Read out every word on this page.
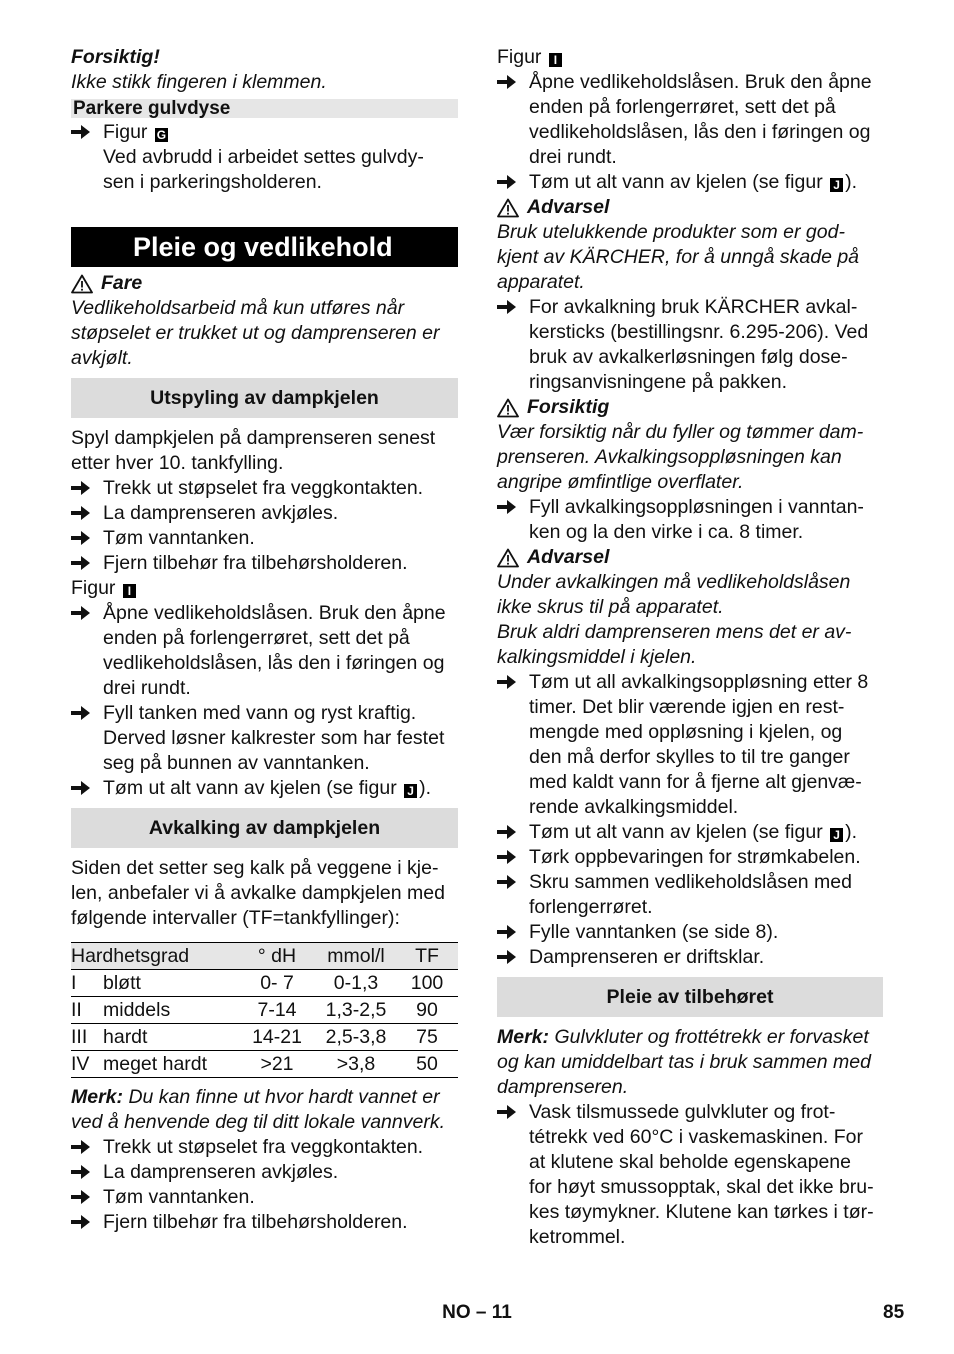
Forsiktig!

Ikke stikk fingeren i klemmen.

Parkere gulvdyse
Figur G
Ved avbrudd i arbeidet settes gulvdy-
sen i parkeringsholderen.
Pleie og vedlikehold
Fare

Vedlikeholdsarbeid må kun utføres når
støpselet er trukket ut og damprenseren er
avkjølt.

Utspyling av dampkjelen

Spyl dampkjelen på damprenseren senest
etter hver 10. tankfylling.

Trekk ut støpselet fra veggkontakten.
La damprenseren avkjøles.
Tøm vanntanken.
Fjern tilbehør fra tilbehørsholderen.

Figur I

Åpne vedlikeholdslåsen. Bruk den åpne
enden på forlengerrøret, sett det på
vedlikeholdslåsen, lås den i føringen og
drei rundt.
Fyll tanken med vann og ryst kraftig.
Derved løsner kalkrester som har festet
seg på bunnen av vanntanken.
Tøm ut alt vann av kjelen (se figur J ).
Avkalking av dampkjelen

Siden det setter seg kalk på veggene i kje-
len, anbefaler vi å avkalke dampkjelen med
følgende intervaller (TF=tankfyllinger):

Hardhetsgrad		° dH	mmol/l	TF
I	bløtt	0- 7	0-1,3	100
II	middels	7-14	1,3-2,5	90
III	hardt	14-21	2,5-3,8	75
IV	meget hardt	>21	>3,8	50

Merk: Du kan finne ut hvor hardt vannet er
ved å henvende deg til ditt lokale vannverk.

Trekk ut støpselet fra veggkontakten.
La damprenseren avkjøles.
Tøm vanntanken.
Fjern tilbehør fra tilbehørsholderen.

Figur I

Åpne vedlikeholdslåsen. Bruk den åpne
enden på forlengerrøret, sett det på
vedlikeholdslåsen, lås den i føringen og
drei rundt.
Tøm ut alt vann av kjelen (se figur J ).
Advarsel

Bruk utelukkende produkter som er god-
kjent av KÄRCHER, for å unngå skade på
apparatet.

For avkalkning bruk KÄRCHER avkal-
kersticks (bestillingsnr. 6.295-206). Ved
bruk av avkalkerløsningen følg dose-
ringsanvisningene på pakken.
Forsiktig

Vær forsiktig når du fyller og tømmer dam-
prenseren. Avkalkingsoppløsningen kan
angripe ømfintlige overflater.

Fyll avkalkingsoppløsningen i vanntan-
ken og la den virke i ca. 8 timer.
Advarsel

Under avkalkingen må vedlikeholdslåsen
ikke skrus til på apparatet.
Bruk aldri damprenseren mens det er av-
kalkingsmiddel i kjelen.

Tøm ut all avkalkingsoppløsning etter 8
timer. Det blir værende igjen en rest-
mengde med oppløsning i kjelen, og
den må derfor skylles to til tre ganger
med kaldt vann for å fjerne alt gjenvæ-
rende avkalkingsmiddel.
Tøm ut alt vann av kjelen (se figur J ).
Tørk oppbevaringen for strømkabelen.
Skru sammen vedlikeholdslåsen med
forlengerrøret.
Fylle vanntanken (se side 8).
Damprenseren er driftsklar.
Pleie av tilbehøret

Merk: Gulvkluter og frottétrekk er forvasket
og kan umiddelbart tas i bruk sammen med
damprenseren.

Vask tilsmussede gulvkluter og frot-
tétrekk ved 60°C i vaskemaskinen. For
at klutene skal beholde egenskapene
for høyt smussopptak, skal det ikke bru-
kes tøymykner. Klutene kan tørkes i tør-
ketrommel.
NO – 11	85
